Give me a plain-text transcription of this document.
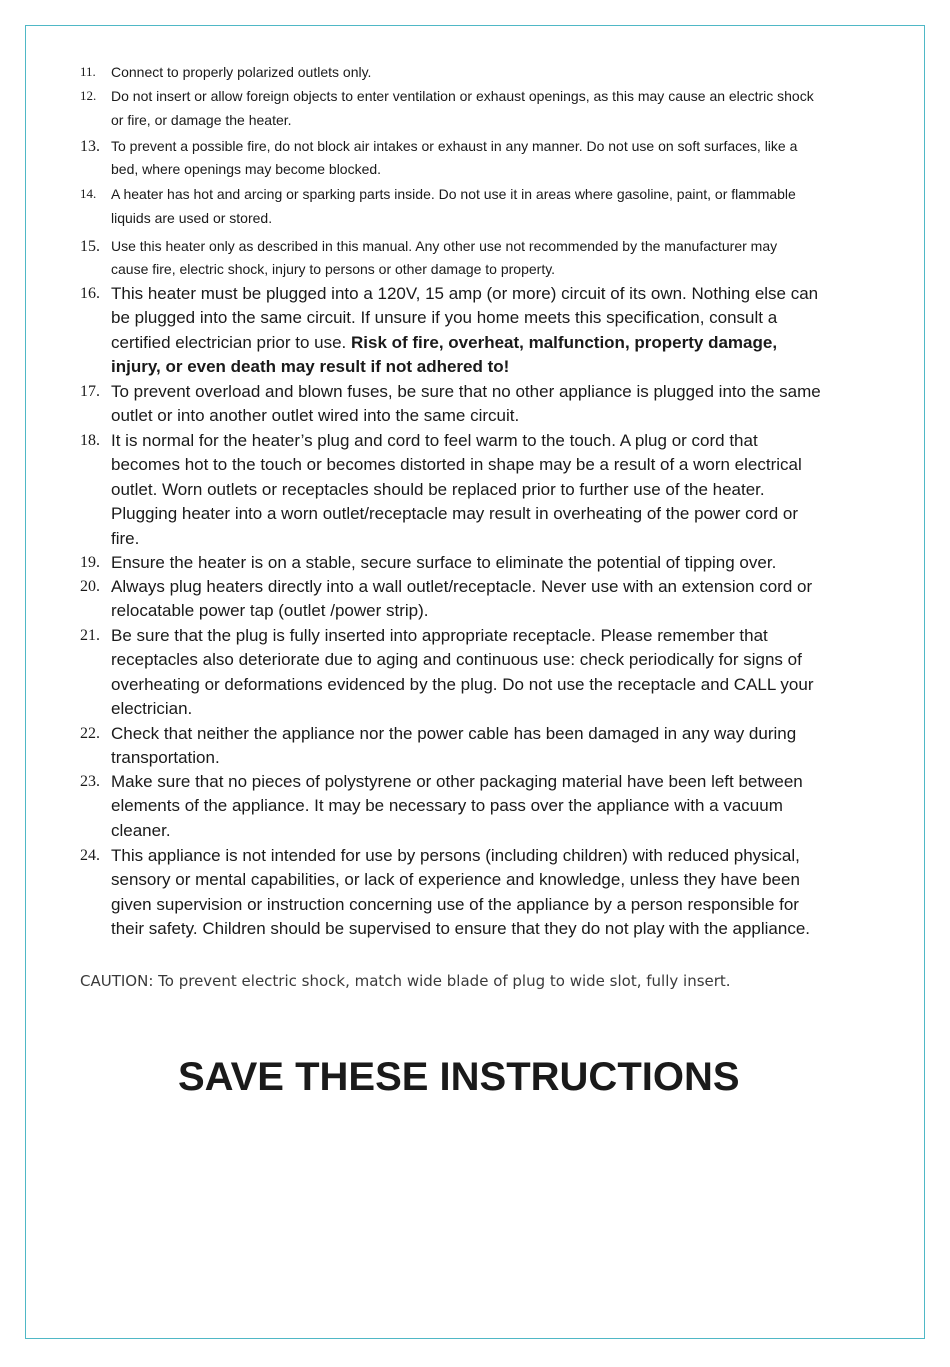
11. Connect to properly polarized outlets only.
12. Do not insert or allow foreign objects to enter ventilation or exhaust openings, as this may cause an electric shock
or fire, or damage the heater.
13. To prevent a possible fire, do not block air intakes or exhaust in any manner. Do not use on soft surfaces, like a
bed, where openings may become blocked.
14. A heater has hot and arcing or sparking parts inside. Do not use it in areas where gasoline, paint, or flammable
liquids are used or stored.
15. Use this heater only as described in this manual. Any other use not recommended by the manufacturer may
cause fire, electric shock, injury to persons or other damage to property.
16. This heater must be plugged into a 120V, 15 amp (or more) circuit of its own. Nothing else can
be plugged into the same circuit. If unsure if you home meets this specification, consult a
certified electrician prior to use. Risk of fire, overheat, malfunction, property damage,
injury, or even death may result if not adhered to!
17. To prevent overload and blown fuses, be sure that no other appliance is plugged into the same
outlet or into another outlet wired into the same circuit.
18. It is normal for the heater’s plug and cord to feel warm to the touch. A plug or cord that
becomes hot to the touch or becomes distorted in shape may be a result of a worn electrical
outlet. Worn outlets or receptacles should be replaced prior to further use of the heater.
Plugging heater into a worn outlet/receptacle may result in overheating of the power cord or
fire.
19. Ensure the heater is on a stable, secure surface to eliminate the potential of tipping over.
20. Always plug heaters directly into a wall outlet/receptacle. Never use with an extension cord or
relocatable power tap (outlet /power strip).
21. Be sure that the plug is fully inserted into appropriate receptacle. Please remember that
receptacles also deteriorate due to aging and continuous use: check periodically for signs of
overheating or deformations evidenced by the plug. Do not use the receptacle and CALL your
electrician.
22. Check that neither the appliance nor the power cable has been damaged in any way during
transportation.
23. Make sure that no pieces of polystyrene or other packaging material have been left between
elements of the appliance. It may be necessary to pass over the appliance with a vacuum
cleaner.
24. This appliance is not intended for use by persons (including children) with reduced physical,
sensory or mental capabilities, or lack of experience and knowledge, unless they have been
given supervision or instruction concerning use of the appliance by a person responsible for
their safety. Children should be supervised to ensure that they do not play with the appliance.
CAUTION: To prevent electric shock, match wide blade of plug to wide slot, fully insert.
SAVE THESE INSTRUCTIONS
